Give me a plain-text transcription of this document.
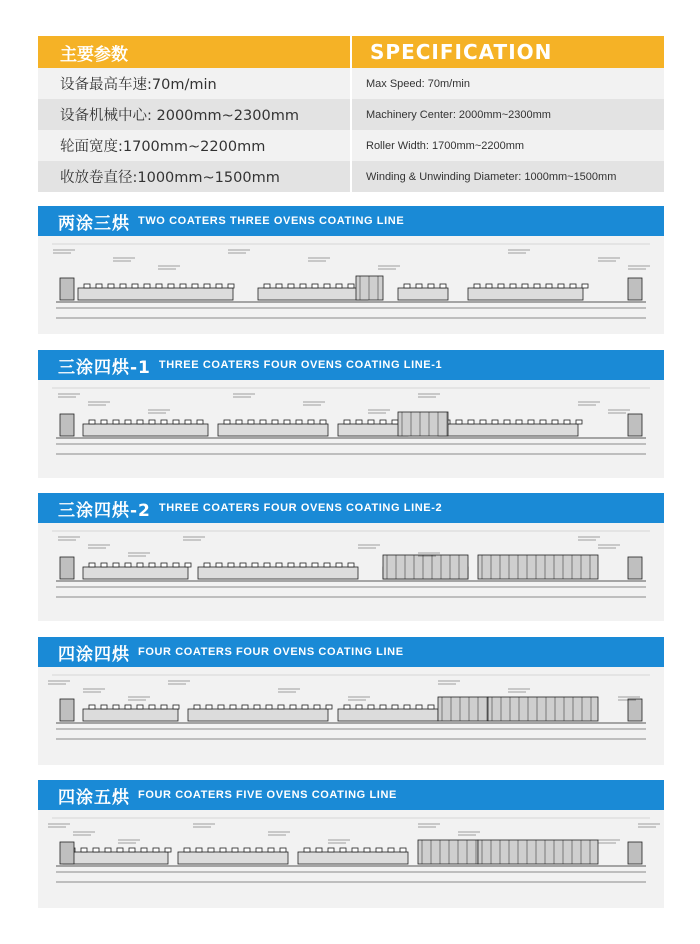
主要参数	SPECIFICATION
设备最高车速:70m/min	Max Speed: 70m/min
设备机械中心: 2000mm~2300mm	Machinery Center: 2000mm~2300mm
轮面宽度:1700mm~2200mm	Roller Width: 1700mm~2200mm
收放卷直径:1000mm~1500mm	Winding & Unwinding Diameter: 1000mm~1500mm
两涂三烘 TWO COATERS THREE OVENS COATING LINE
三涂四烘-1 THREE COATERS FOUR OVENS COATING LINE-1
三涂四烘-2 THREE COATERS FOUR OVENS COATING LINE-2
四涂四烘 FOUR COATERS FOUR OVENS COATING LINE
四涂五烘 FOUR COATERS FIVE OVENS COATING LINE
